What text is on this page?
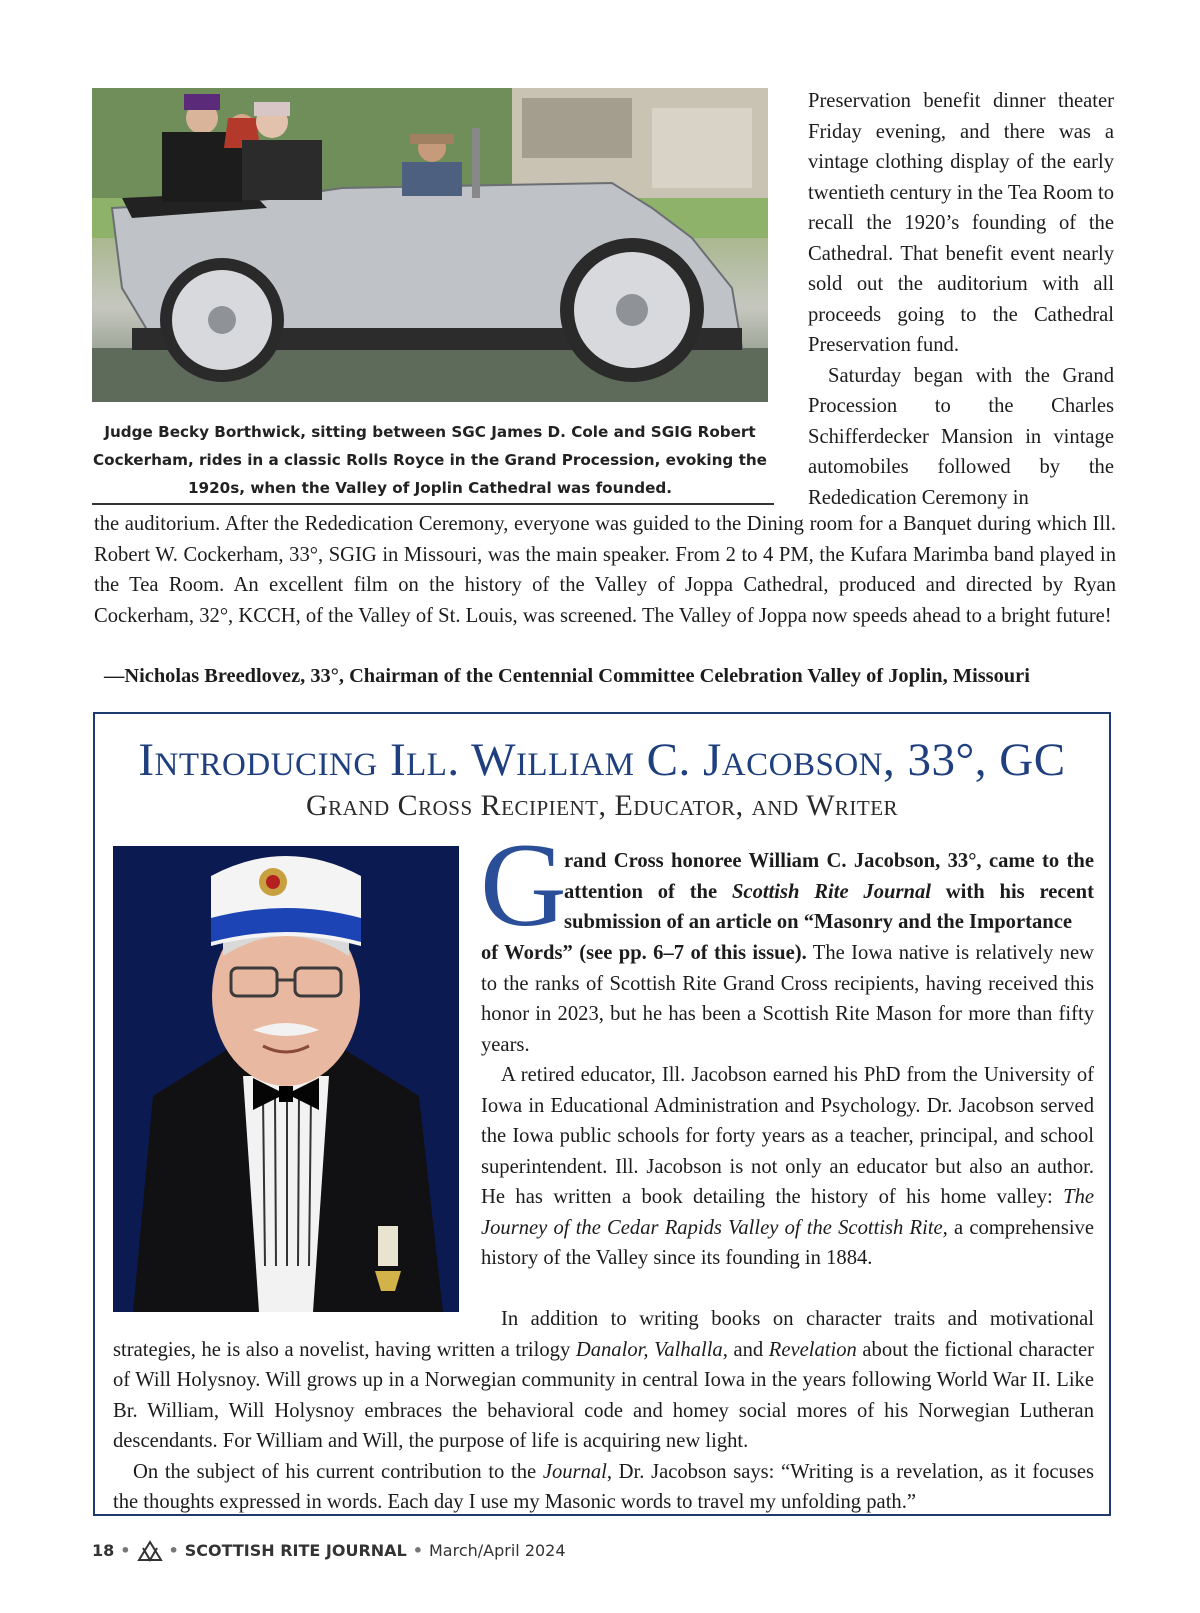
Judge Becky Borthwick, sitting between SGC James D. Cole and SGIG Robert Cockerham, rides in a classic Rolls Royce in the Grand Procession, evoking the 1920s, when the Valley of Joplin Cathedral was founded.

Preservation benefit dinner theater Friday evening, and there was a vintage clothing display of the early twentieth century in the Tea Room to recall the 1920’s founding of the Cathedral. That benefit event nearly sold out the auditorium with all proceeds going to the Cathedral Preservation fund.

Saturday began with the Grand Procession to the Charles Schifferdecker Mansion in vintage automobiles followed by the Rededication Ceremony in

the auditorium. After the Rededication Ceremony, everyone was guided to the Dining room for a Banquet during which Ill. Robert W. Cockerham, 33°, SGIG in Missouri, was the main speaker. From 2 to 4 PM, the Kufara Marimba band played in the Tea Room. An excellent film on the history of the Valley of Joppa Cathedral, produced and directed by Ryan Cockerham, 32°, KCCH, of the Valley of St. Louis, was screened. The Valley of Joppa now speeds ahead to a bright future!

—Nicholas Breedlovez, 33°, Chairman of the Centennial Committee Celebration Valley of Joplin, Missouri
Introducing Ill. William C. Jacobson, 33°, GC
Grand Cross Recipient, Educator, and Writer
G
rand Cross honoree William C. Jacobson, 33°, came to the attention of the Scottish Rite Journal with his recent submission of an article on “Masonry and the Importance
of Words” (see pp. 6–7 of this issue). The Iowa native is relatively new to the ranks of Scottish Rite Grand Cross recipients, having received this honor in 2023, but he has been a Scottish Rite Mason for more than fifty years.

A retired educator, Ill. Jacobson earned his PhD from the University of Iowa in Educational Administration and Psychology. Dr. Jacobson served the Iowa public schools for forty years as a teacher, principal, and school superintendent. Ill. Jacobson is not only an educator but also an author. He has written a book detailing the history of his home valley: The Journey of the Cedar Rapids Valley of the Scottish Rite, a comprehensive history of the Valley since its founding in 1884.

In addition to writing books on character traits and motivational strategies, he is also a novelist, having written a trilogy Danalor, Valhalla, and Revelation about the fictional character of Will Holysnoy. Will grows up in a Norwegian community in central Iowa in the years following World War II. Like Br. William, Will Holysnoy embraces the behavioral code and homey social mores of his Norwegian Lutheran descendants. For William and Will, the purpose of life is acquiring new light.

On the subject of his current contribution to the Journal, Dr. Jacobson says: “Writing is a revelation, as it focuses the thoughts expressed in words. Each day I use my Masonic words to travel my unfolding path.”

18 • • SCOTTISH RITE JOURNAL • March/April 2024
